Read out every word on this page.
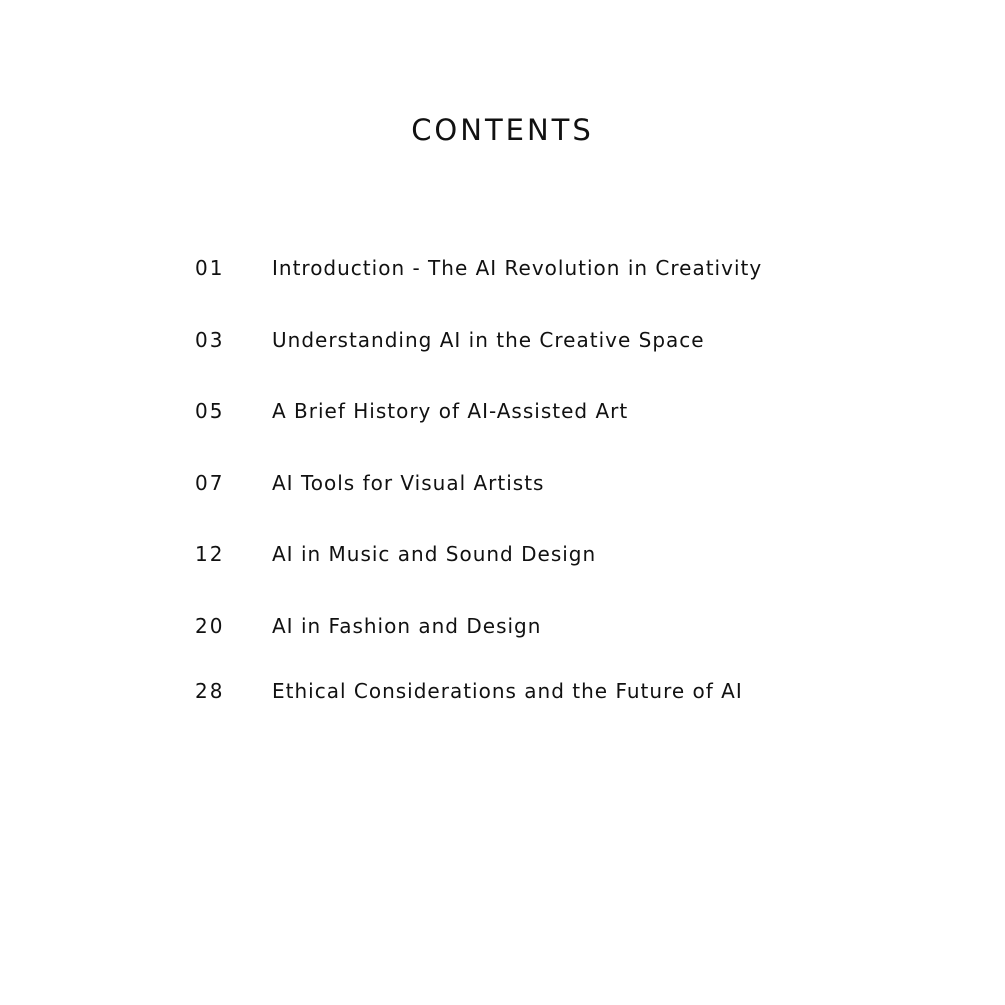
CONTENTS
01	Introduction - The AI Revolution in Creativity
03	Understanding AI in the Creative Space
05	A Brief History of AI-Assisted Art
07	AI Tools for Visual Artists
12	AI in Music and Sound Design
20	AI in Fashion and Design
28	Ethical Considerations and the Future of AI
